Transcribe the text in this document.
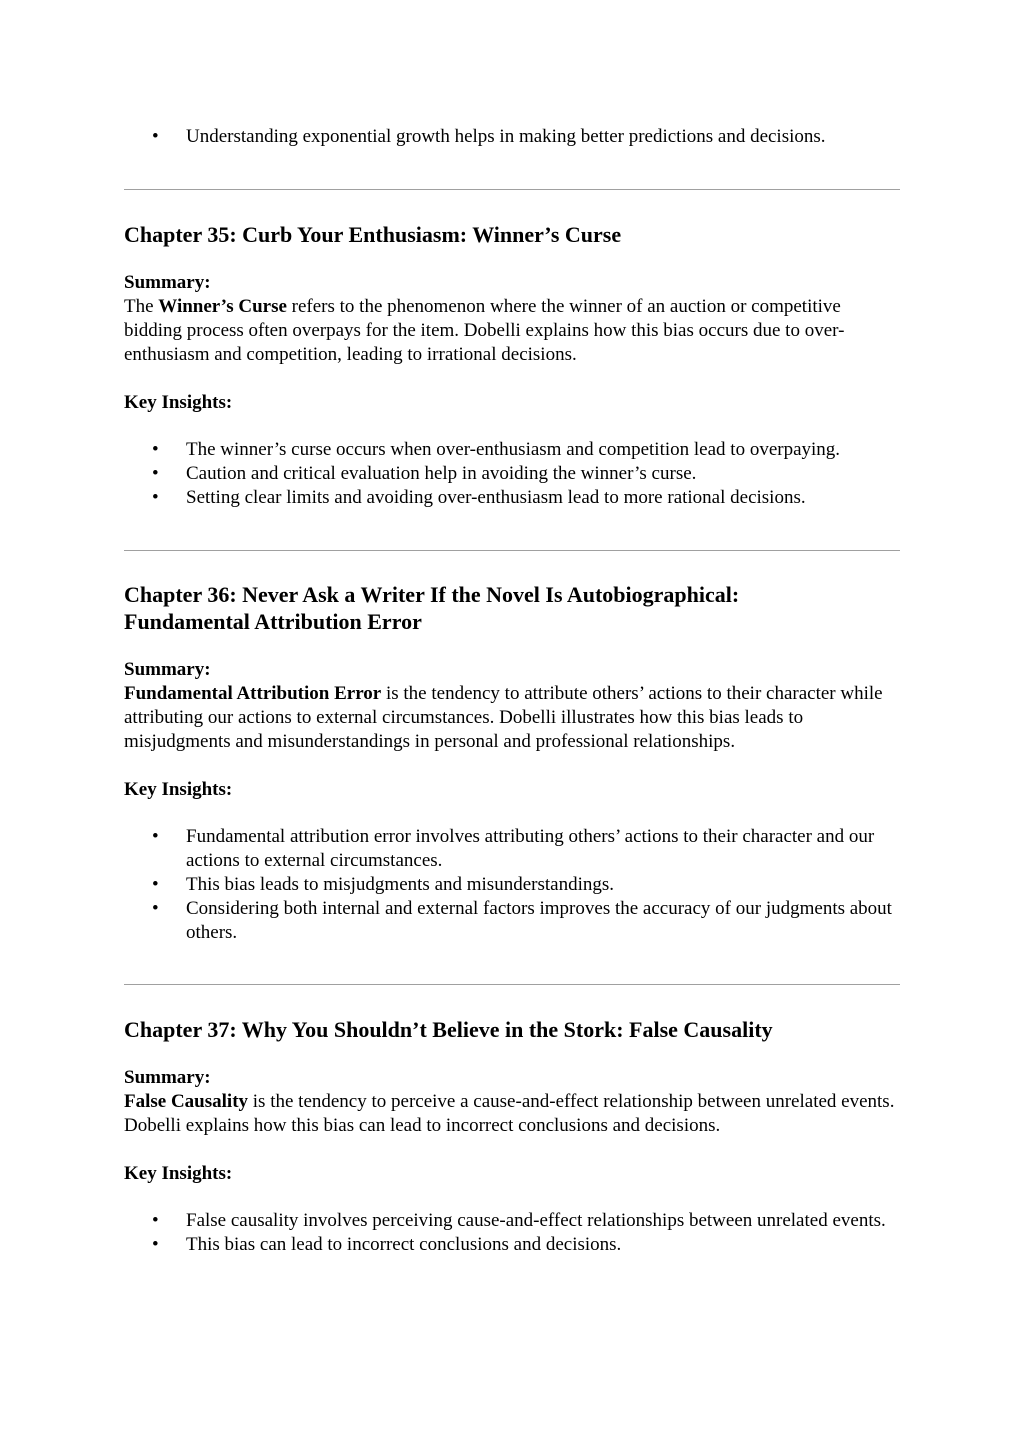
• Understanding exponential growth helps in making better predictions and decisions.
Chapter 35: Curb Your Enthusiasm: Winner’s Curse
Summary:

The Winner’s Curse refers to the phenomenon where the winner of an auction or competitive bidding process often overpays for the item. Dobelli explains how this bias occurs due to over-enthusiasm and competition, leading to irrational decisions.

Key Insights:
• The winner’s curse occurs when over-enthusiasm and competition lead to overpaying.
• Caution and critical evaluation help in avoiding the winner’s curse.
• Setting clear limits and avoiding over-enthusiasm lead to more rational decisions.
Chapter 36: Never Ask a Writer If the Novel Is Autobiographical:
Fundamental Attribution Error
Summary:

Fundamental Attribution Error is the tendency to attribute others’ actions to their character while attributing our actions to external circumstances. Dobelli illustrates how this bias leads to misjudgments and misunderstandings in personal and professional relationships.

Key Insights:
• Fundamental attribution error involves attributing others’ actions to their character and our actions to external circumstances.
• This bias leads to misjudgments and misunderstandings.
• Considering both internal and external factors improves the accuracy of our judgments about others.
Chapter 37: Why You Shouldn’t Believe in the Stork: False Causality
Summary:

False Causality is the tendency to perceive a cause-and-effect relationship between unrelated events. Dobelli explains how this bias can lead to incorrect conclusions and decisions.

Key Insights:
• False causality involves perceiving cause-and-effect relationships between unrelated events.
• This bias can lead to incorrect conclusions and decisions.
